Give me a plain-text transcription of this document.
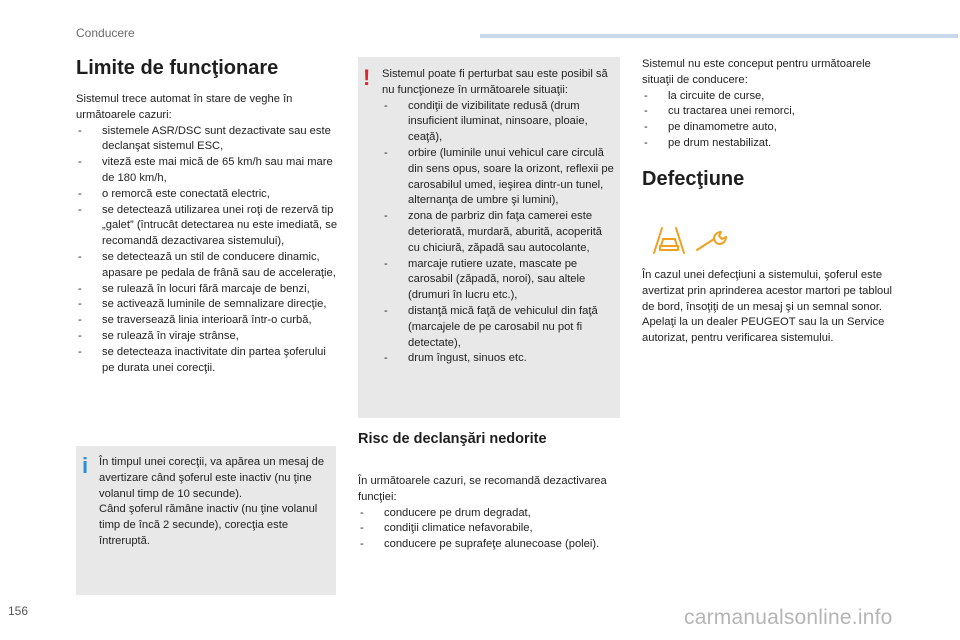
Conducere
Limite de funcţionare

Sistemul trece automat în stare de veghe în următoarele cazuri:

- sistemele ASR/DSC sunt dezactivate sau este declanşat sistemul ESC,
- viteză este mai mică de 65 km/h sau mai mare de 180 km/h,
- o remorcă este conectată electric,
- se detectează utilizarea unei roţi de rezervă tip „galet” (întrucât detectarea nu este imediată, se recomandă dezactivarea sistemului),
- se detectează un stil de conducere dinamic, apasare pe pedala de frână sau de acceleraţie,
- se rulează în locuri fără marcaje de benzi,
- se activează luminile de semnalizare direcţie,
- se traversează linia interioară într-o curbă,
- se rulează în viraje strânse,
- se detecteaza inactivitate din partea şoferului pe durata unei corecţii.
i În timpul unei corecţii, va apărea un mesaj de avertizare când şoferul este inactiv (nu ţine volanul timp de 10 secunde).

Când şoferul rămâne inactiv (nu ţine volanul timp de încă 2 secunde), corecţia este întreruptă.

! Sistemul poate fi perturbat sau este posibil să nu funcţioneze în următoarele situaţii:

- condiţii de vizibilitate redusă (drum insuficient iluminat, ninsoare, ploaie, ceaţă),
- orbire (luminile unui vehicul care circulă din sens opus, soare la orizont, reflexii pe carosabilul umed, ieşirea dintr-un tunel, alternanţa de umbre şi lumini),
- zona de parbriz din faţa camerei este deteriorată, murdară, aburită, acoperită cu chiciură, zăpadă sau autocolante,
- marcaje rutiere uzate, mascate pe carosabil (zăpadă, noroi), sau altele (drumuri în lucru etc.),
- distanţă mică faţă de vehiculul din faţă (marcajele de pe carosabil nu pot fi detectate),
- drum îngust, sinuos etc.
Risc de declanşări nedorite

În următoarele cazuri, se recomandă dezactivarea funcţiei:

- conducere pe drum degradat,
- condiţii climatice nefavorabile,
- conducere pe suprafeţe alunecoase (polei).

Sistemul nu este conceput pentru următoarele situaţii de conducere:

- la circuite de curse,
- cu tractarea unei remorci,
- pe dinamometre auto,
- pe drum nestabilizat.
Defecţiune

În cazul unei defecţiuni a sistemului, şoferul este avertizat prin aprinderea acestor martori pe tabloul de bord, însoţiţi de un mesaj şi un semnal sonor.

Apelaţi la un dealer PEUGEOT sau la un Service autorizat, pentru verificarea sistemului.

156	carmanualsonline.info
